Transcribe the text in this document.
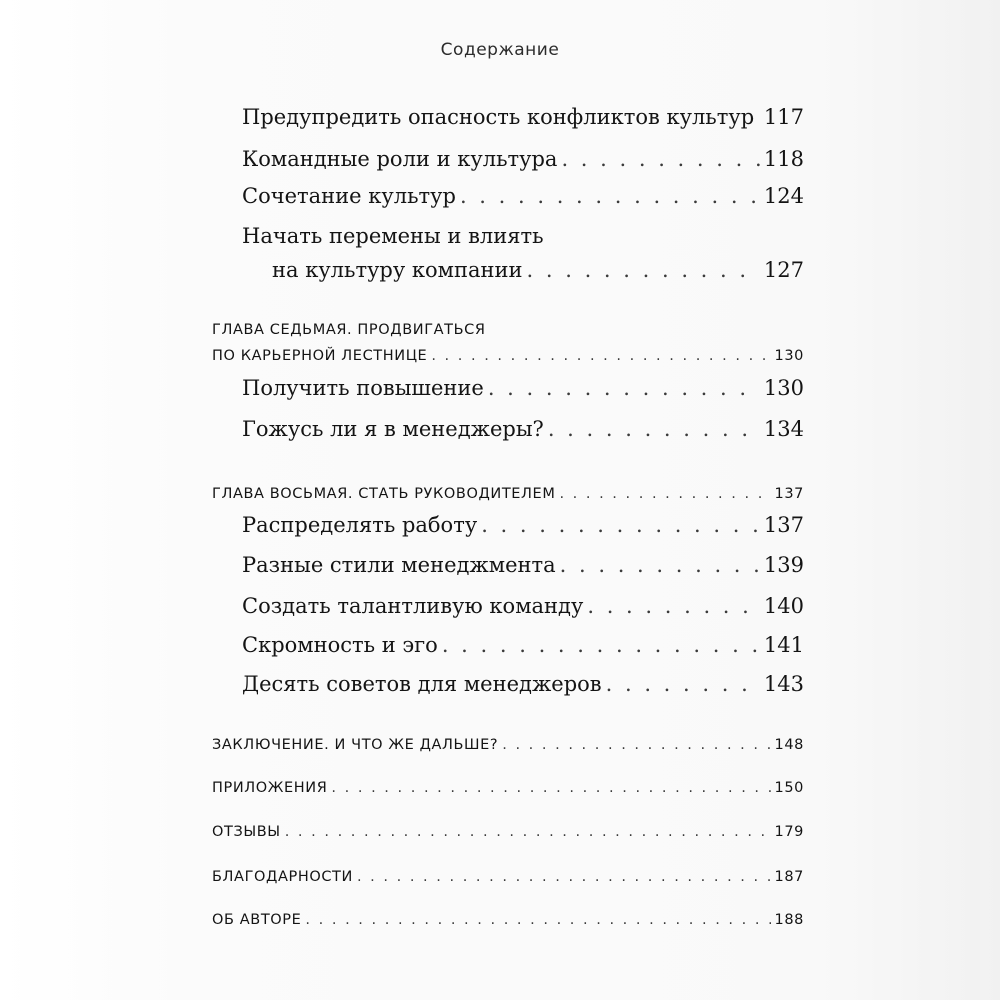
Содержание
Предупредить опасность конфликтов культур . . . 117
Командные роли и культура . . .	118
Сочетание культур . . .	124
Начать перемены и влиять
на культуру компании . . .	127
ГЛАВА СЕДЬМАЯ. ПРОДВИГАТЬСЯ
ПО КАРЬЕРНОЙ ЛЕСТНИЦЕ . . .	130
Получить повышение . . .	130
Гожусь ли я в менеджеры? . . .	134
ГЛАВА ВОСЬМАЯ. СТАТЬ РУКОВОДИТЕЛЕМ . . .	137
Распределять работу . . .	137
Разные стили менеджмента . . .	139
Создать талантливую команду . . .	140
Скромность и эго . . .	141
Десять советов для менеджеров . . .	143
ЗАКЛЮЧЕНИЕ. И ЧТО ЖЕ ДАЛЬШЕ? . . .	148
ПРИЛОЖЕНИЯ . . .	150
ОТЗЫВЫ . . .	179
БЛАГОДАРНОСТИ . . .	187
ОБ АВТОРЕ . . .	188
